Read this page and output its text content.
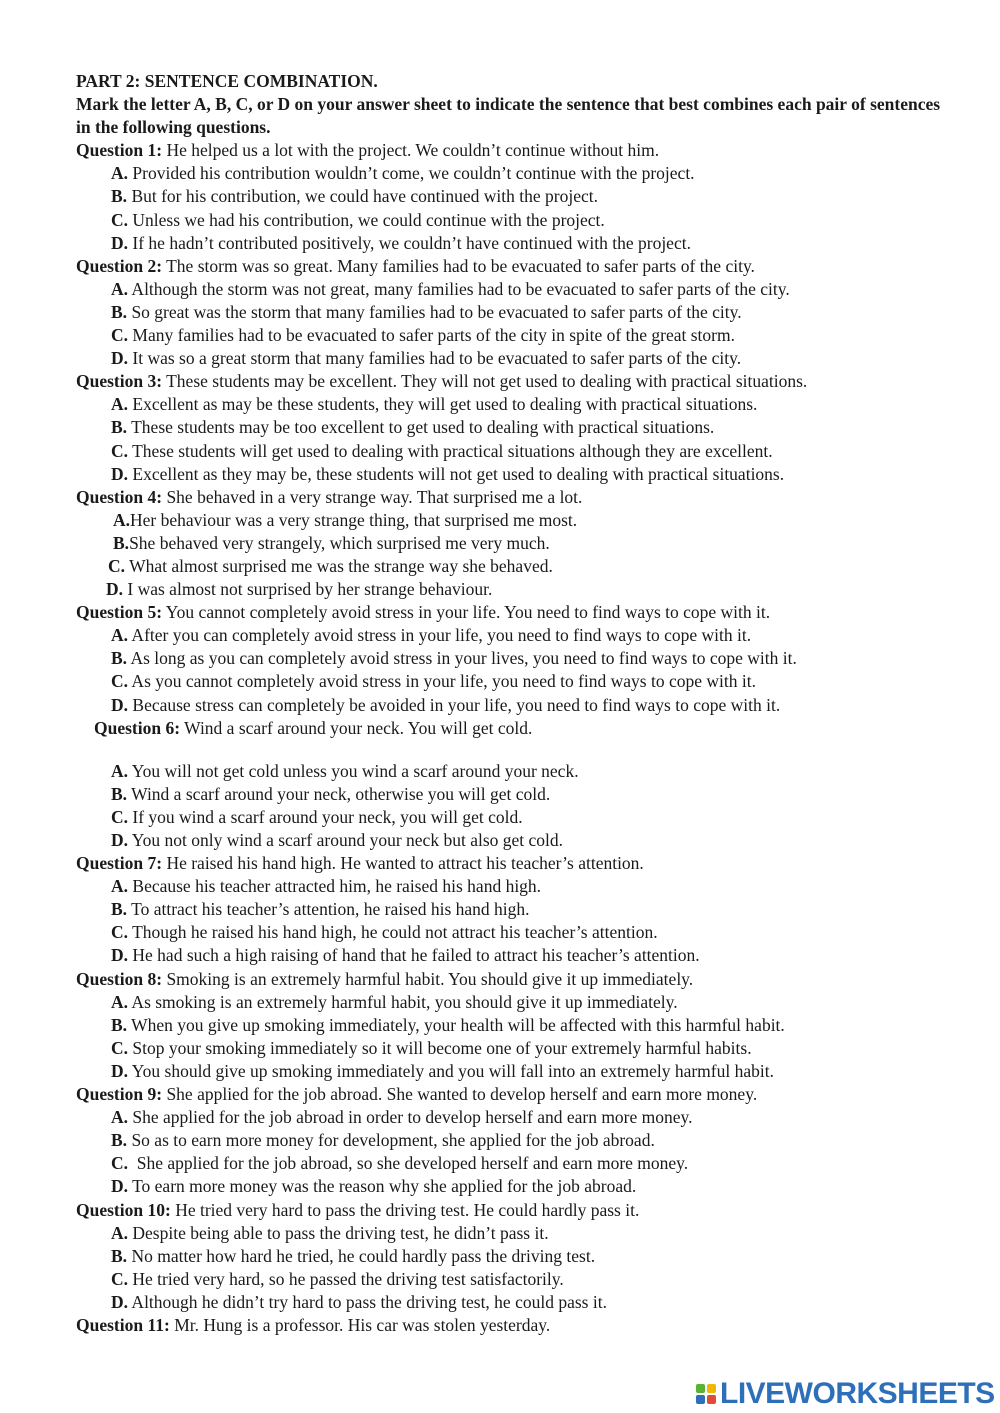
PART 2: SENTENCE COMBINATION.
Mark the letter A, B, C, or D on your answer sheet to indicate the sentence that best combines each pair of sentences in the following questions.
Question 1: He helped us a lot with the project. We couldn’t continue without him.
A. Provided his contribution wouldn’t come, we couldn’t continue with the project.
B. But for his contribution, we could have continued with the project.
C. Unless we had his contribution, we could continue with the project.
D. If he hadn’t contributed positively, we couldn’t have continued with the project.
Question 2: The storm was so great. Many families had to be evacuated to safer parts of the city.
A. Although the storm was not great, many families had to be evacuated to safer parts of the city.
B. So great was the storm that many families had to be evacuated to safer parts of the city.
C. Many families had to be evacuated to safer parts of the city in spite of the great storm.
D. It was so a great storm that many families had to be evacuated to safer parts of the city.
Question 3: These students may be excellent. They will not get used to dealing with practical situations.
A. Excellent as may be these students, they will get used to dealing with practical situations.
B. These students may be too excellent to get used to dealing with practical situations.
C. These students will get used to dealing with practical situations although they are excellent.
D. Excellent as they may be, these students will not get used to dealing with practical situations.
Question 4: She behaved in a very strange way. That surprised me a lot.
A.Her behaviour was a very strange thing, that surprised me most.
B.She behaved very strangely, which surprised me very much.
C. What almost surprised me was the strange way she behaved.
D. I was almost not surprised by her strange behaviour.
Question 5: You cannot completely avoid stress in your life. You need to find ways to cope with it.
A. After you can completely avoid stress in your life, you need to find ways to cope with it.
B. As long as you can completely avoid stress in your lives, you need to find ways to cope with it.
C. As you cannot completely avoid stress in your life, you need to find ways to cope with it.
D. Because stress can completely be avoided in your life, you need to find ways to cope with it.
Question 6: Wind a scarf around your neck. You will get cold.
A. You will not get cold unless you wind a scarf around your neck.
B. Wind a scarf around your neck, otherwise you will get cold.
C. If you wind a scarf around your neck, you will get cold.
D. You not only wind a scarf around your neck but also get cold.
Question 7: He raised his hand high. He wanted to attract his teacher’s attention.
A. Because his teacher attracted him, he raised his hand high.
B. To attract his teacher’s attention, he raised his hand high.
C. Though he raised his hand high, he could not attract his teacher’s attention.
D. He had such a high raising of hand that he failed to attract his teacher’s attention.
Question 8: Smoking is an extremely harmful habit. You should give it up immediately.
A. As smoking is an extremely harmful habit, you should give it up immediately.
B. When you give up smoking immediately, your health will be affected with this harmful habit.
C. Stop your smoking immediately so it will become one of your extremely harmful habits.
D. You should give up smoking immediately and you will fall into an extremely harmful habit.
Question 9: She applied for the job abroad. She wanted to develop herself and earn more money.
A. She applied for the job abroad in order to develop herself and earn more money.
B. So as to earn more money for development, she applied for the job abroad.
C.  She applied for the job abroad, so she developed herself and earn more money.
D. To earn more money was the reason why she applied for the job abroad.
Question 10: He tried very hard to pass the driving test. He could hardly pass it.
A. Despite being able to pass the driving test, he didn’t pass it.
B. No matter how hard he tried, he could hardly pass the driving test.
C. He tried very hard, so he passed the driving test satisfactorily.
D. Although he didn’t try hard to pass the driving test, he could pass it.
Question 11: Mr. Hung is a professor. His car was stolen yesterday.
LIVEWORKSHEETS
